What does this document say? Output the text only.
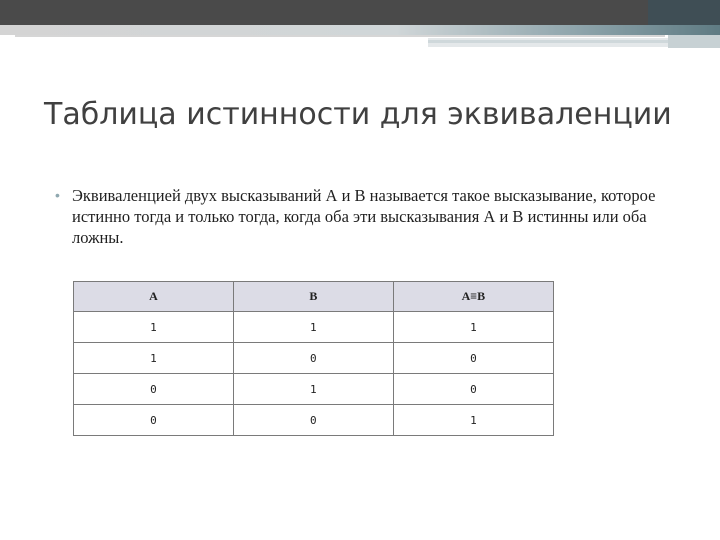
Таблица истинности для эквиваленции
• Эквиваленцией двух высказываний А и В называется такое высказывание, которое истинно тогда и только тогда, когда оба эти высказывания А и В истинны или оба ложны.
A	B	A≡B
1	1	1
1	0	0
0	1	0
0	0	1
